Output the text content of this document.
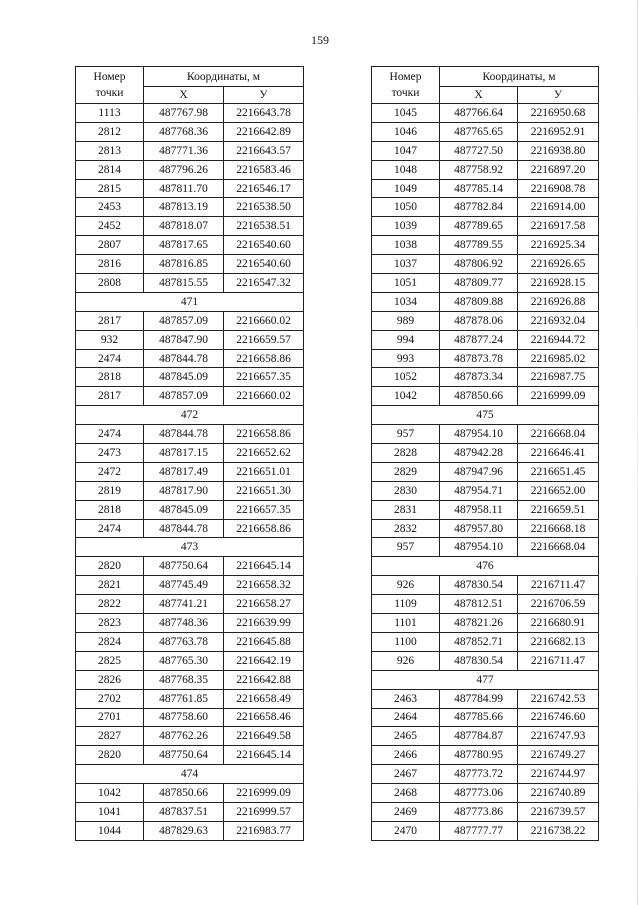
159
Номер
точки	Координаты, м	
	X	У
1113	487767.98	2216643.78
2812	487768.36	2216642.89
2813	487771.36	2216643.57
2814	487796.26	2216583.46
2815	487811.70	2216546.17
2453	487813.19	2216538.50
2452	487818.07	2216538.51
2807	487817.65	2216540.60
2816	487816.85	2216540.60
2808	487815.55	2216547.32
471		
2817	487857.09	2216660.02
932	487847.90	2216659.57
2474	487844.78	2216658.86
2818	487845.09	2216657.35
2817	487857.09	2216660.02
472		
2474	487844.78	2216658.86
2473	487817.15	2216652.62
2472	487817.49	2216651.01
2819	487817.90	2216651.30
2818	487845.09	2216657.35
2474	487844.78	2216658.86
473		
2820	487750.64	2216645.14
2821	487745.49	2216658.32
2822	487741.21	2216658.27
2823	487748.36	2216639.99
2824	487763.78	2216645.88
2825	487765.30	2216642.19
2826	487768.35	2216642.88
2702	487761.85	2216658.49
2701	487758.60	2216658.46
2827	487762.26	2216649.58
2820	487750.64	2216645.14
474		
1042	487850.66	2216999.09
1041	487837.51	2216999.57
1044	487829.63	2216983.77
Номер
точки	Координаты, м	
	X	У
1045	487766.64	2216950.68
1046	487765.65	2216952.91
1047	487727.50	2216938.80
1048	487758.92	2216897.20
1049	487785.14	2216908.78
1050	487782.84	2216914.00
1039	487789.65	2216917.58
1038	487789.55	2216925.34
1037	487806.92	2216926.65
1051	487809.77	2216928.15
1034	487809.88	2216926.88
989	487878.06	2216932.04
994	487877.24	2216944.72
993	487873.78	2216985.02
1052	487873.34	2216987.75
1042	487850.66	2216999.09
475		
957	487954.10	2216668.04
2828	487942.28	2216646.41
2829	487947.96	2216651.45
2830	487954.71	2216652.00
2831	487958.11	2216659.51
2832	487957.80	2216668.18
957	487954.10	2216668.04
476		
926	487830.54	2216711.47
1109	487812.51	2216706.59
1101	487821.26	2216680.91
1100	487852.71	2216682.13
926	487830.54	2216711.47
477		
2463	487784.99	2216742.53
2464	487785.66	2216746.60
2465	487784.87	2216747.93
2466	487780.95	2216749.27
2467	487773.72	2216744.97
2468	487773.06	2216740.89
2469	487773.86	2216739.57
2470	487777.77	2216738.22
